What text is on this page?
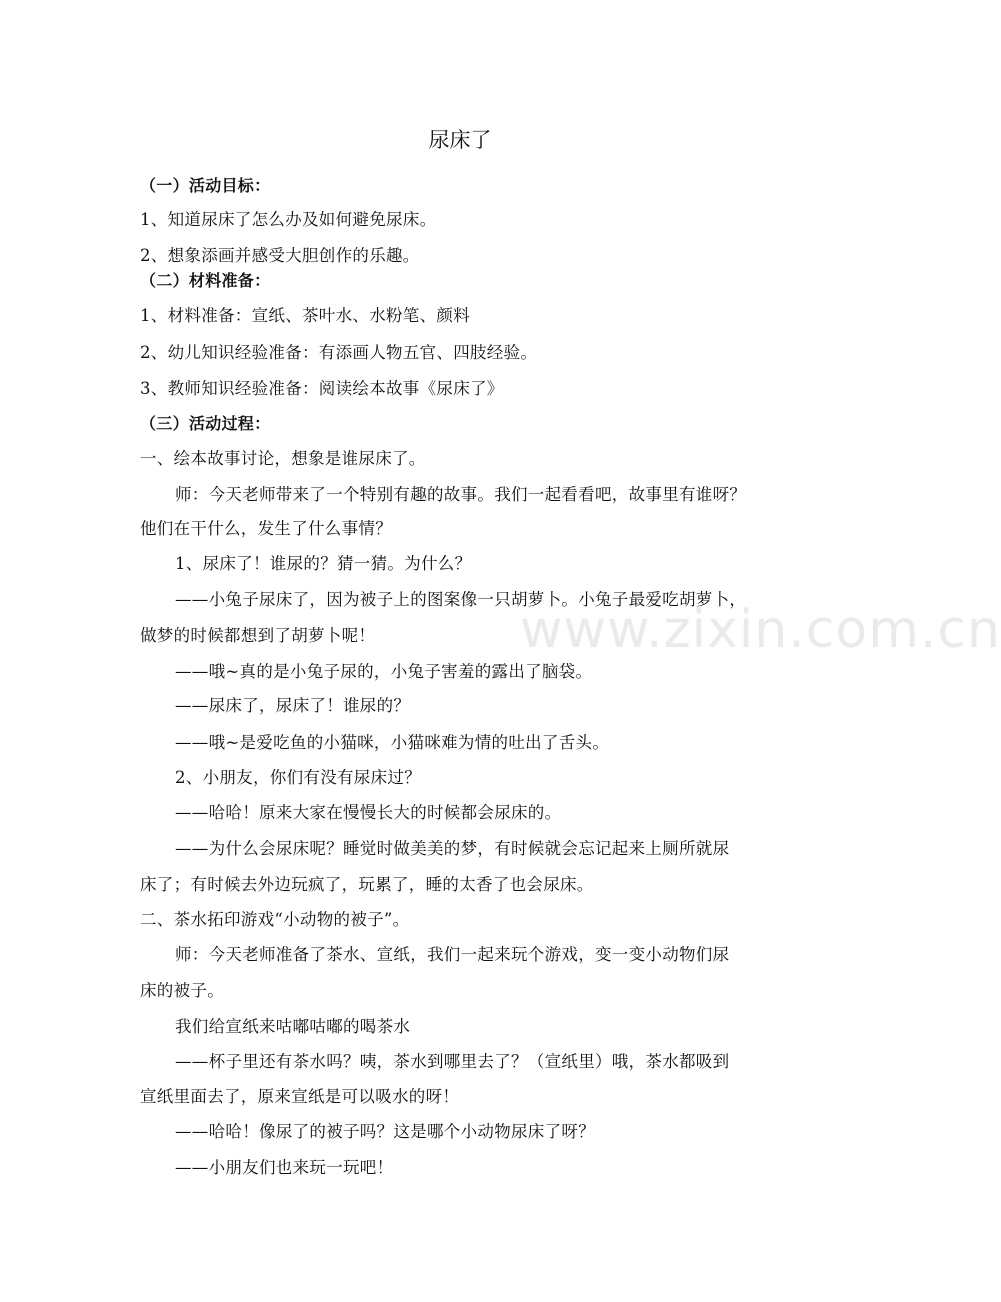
www.zixin.com.cn
尿床了
（一）活动目标：
1、知道尿床了怎么办及如何避免尿床。
2、想象添画并感受大胆创作的乐趣。
（二）材料准备：
1、材料准备：宣纸、茶叶水、水粉笔、颜料
2、幼儿知识经验准备：有添画人物五官、四肢经验。
3、教师知识经验准备：阅读绘本故事《尿床了》
（三）活动过程：
一、绘本故事讨论，想象是谁尿床了。
师：今天老师带来了一个特别有趣的故事。我们一起看看吧，故事里有谁呀？
他们在干什么，发生了什么事情？
1、尿床了！谁尿的？猜一猜。为什么？
——小兔子尿床了，因为被子上的图案像一只胡萝卜。小兔子最爱吃胡萝卜，
做梦的时候都想到了胡萝卜呢！
——哦~真的是小兔子尿的，小兔子害羞的露出了脑袋。
——尿床了，尿床了！谁尿的？
——哦~是爱吃鱼的小猫咪，小猫咪难为情的吐出了舌头。
2、小朋友，你们有没有尿床过？
——哈哈！原来大家在慢慢长大的时候都会尿床的。
——为什么会尿床呢？睡觉时做美美的梦，有时候就会忘记起来上厕所就尿
床了；有时候去外边玩疯了，玩累了，睡的太香了也会尿床。
二、茶水拓印游戏“小动物的被子”。
师：今天老师准备了茶水、宣纸，我们一起来玩个游戏，变一变小动物们尿
床的被子。
我们给宣纸来咕嘟咕嘟的喝茶水
——杯子里还有茶水吗？咦，茶水到哪里去了？（宣纸里）哦，茶水都吸到
宣纸里面去了，原来宣纸是可以吸水的呀！
——哈哈！像尿了的被子吗？这是哪个小动物尿床了呀？
——小朋友们也来玩一玩吧！
